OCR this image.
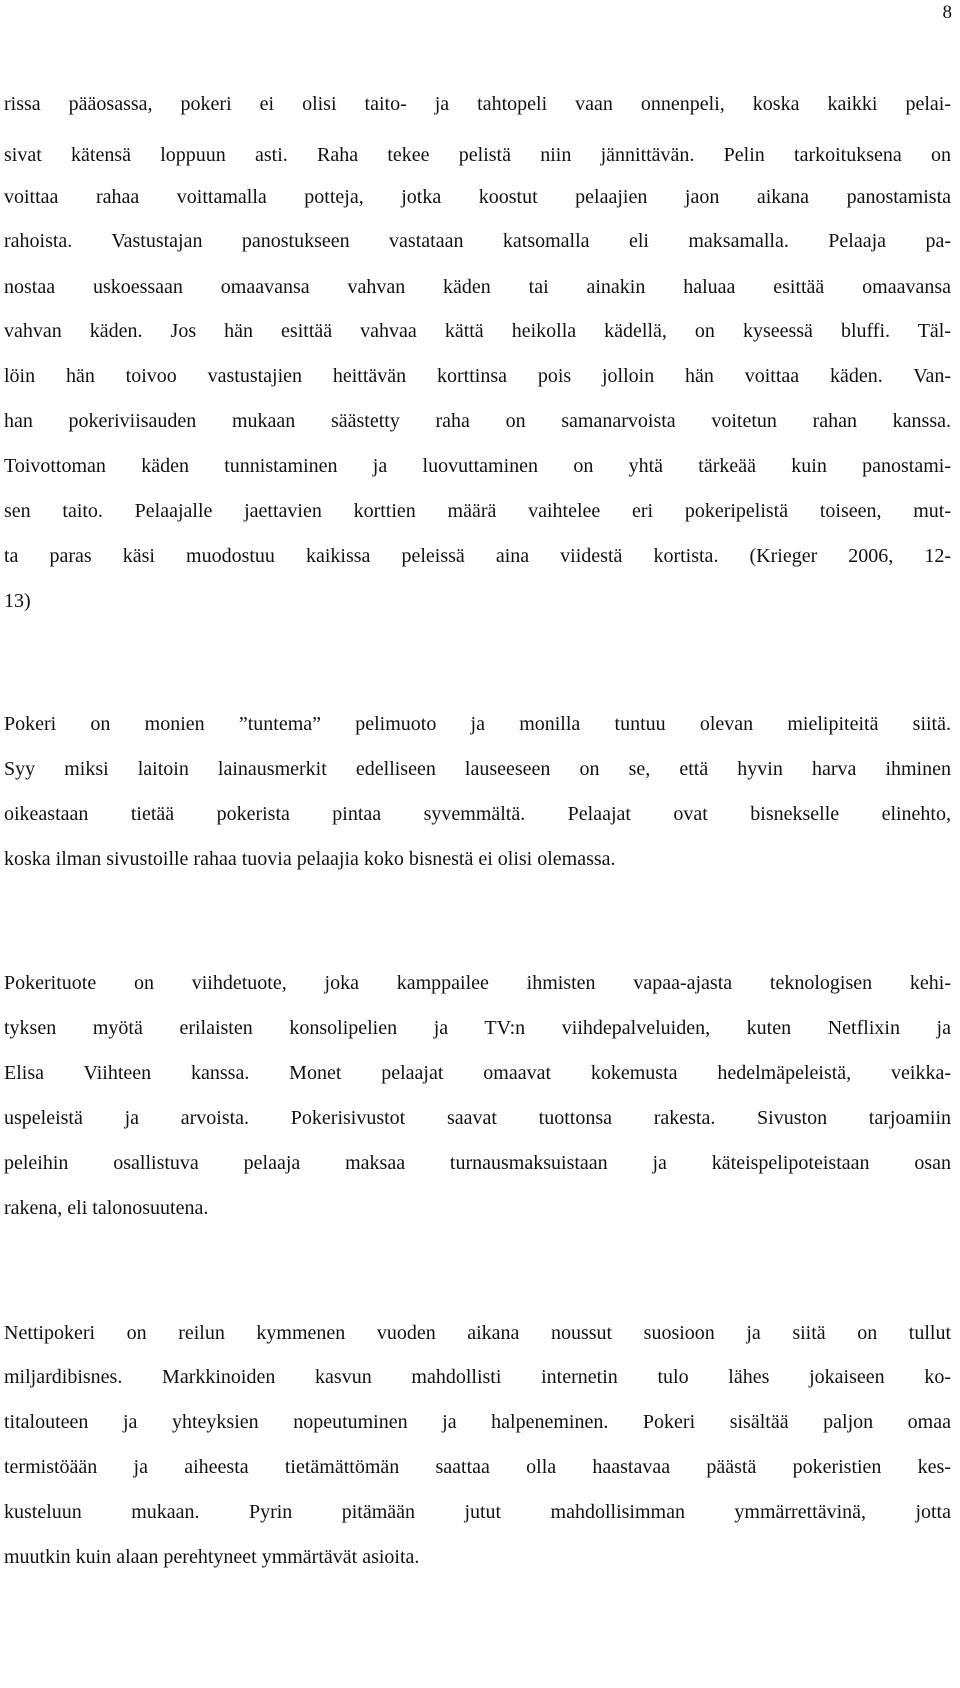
8
rissa pääosassa, pokeri ei olisi taito- ja tahtopeli vaan onnenpeli, koska kaikki pelai-
sivat kätensä loppuun asti. Raha tekee pelistä niin jännittävän. Pelin tarkoituksena on
voittaa rahaa voittamalla potteja, jotka koostut pelaajien jaon aikana panostamista
rahoista. Vastustajan panostukseen vastataan katsomalla eli maksamalla. Pelaaja pa-
nostaa uskoessaan omaavansa vahvan käden tai ainakin haluaa esittää omaavansa
vahvan käden. Jos hän esittää vahvaa kättä heikolla kädellä, on kyseessä bluffi. Täl-
löin hän toivoo vastustajien heittävän korttinsa pois jolloin hän voittaa käden. Van-
han pokeriviisauden mukaan säästetty raha on samanarvoista voitetun rahan kanssa.
Toivottoman käden tunnistaminen ja luovuttaminen on yhtä tärkeää kuin panostami-
sen taito. Pelaajalle jaettavien korttien määrä vaihtelee eri pokeripelistä toiseen, mut-
ta paras käsi muodostuu kaikissa peleissä aina viidestä kortista. (Krieger 2006, 12-
13)
Pokeri on monien ”tuntema” pelimuoto ja monilla tuntuu olevan mielipiteitä siitä.
Syy miksi laitoin lainausmerkit edelliseen lauseeseen on se, että hyvin harva ihminen
oikeastaan tietää pokerista pintaa syvemmältä. Pelaajat ovat bisnekselle elinehto,
koska ilman sivustoille rahaa tuovia pelaajia koko bisnestä ei olisi olemassa.
Pokerituote on viihdetuote, joka kamppailee ihmisten vapaa-ajasta teknologisen kehi-
tyksen myötä erilaisten konsolipelien ja TV:n viihdepalveluiden, kuten Netflixin ja
Elisa Viihteen kanssa. Monet pelaajat omaavat kokemusta hedelmäpeleistä, veikka-
uspeleistä ja arvoista. Pokerisivustot saavat tuottonsa rakesta. Sivuston tarjoamiin
peleihin osallistuva pelaaja maksaa turnausmaksuistaan ja käteispelipoteistaan osan
rakena, eli talonosuutena.
Nettipokeri on reilun kymmenen vuoden aikana noussut suosioon ja siitä on tullut
miljardibisnes. Markkinoiden kasvun mahdollisti internetin tulo lähes jokaiseen ko-
titalouteen ja yhteyksien nopeutuminen ja halpeneminen. Pokeri sisältää paljon omaa
termistöään ja aiheesta tietämättömän saattaa olla haastavaa päästä pokeristien kes-
kusteluun mukaan. Pyrin pitämään jutut mahdollisimman ymmärrettävinä, jotta
muutkin kuin alaan perehtyneet ymmärtävät asioita.
